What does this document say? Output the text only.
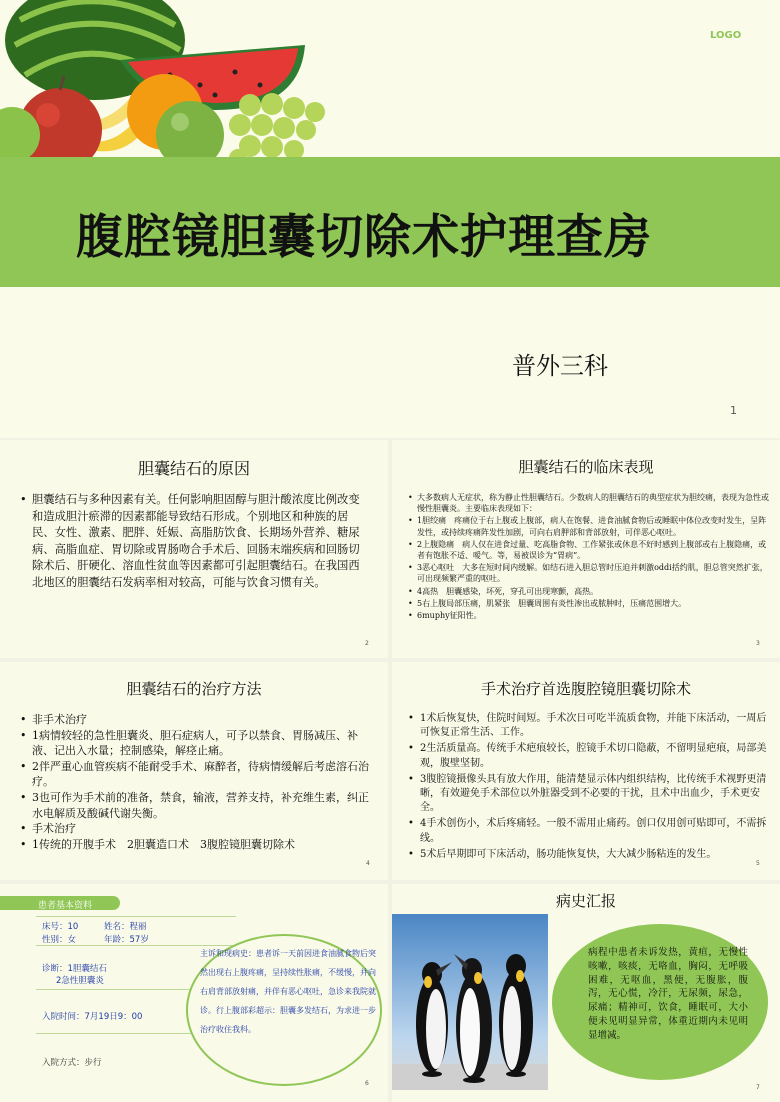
LOGO
腹腔镜胆囊切除术护理查房
普外三科
1
胆囊结石的原因
• 胆囊结石与多种因素有关。任何影响胆固醇与胆汁酸浓度比例改变和造成胆汁瘀滞的因素都能导致结石形成。个别地区和种族的居民、女性、激素、肥胖、妊娠、高脂肪饮食、长期场外营养、糖尿病、高脂血症、胃切除或胃肠吻合手术后、回肠末端疾病和回肠切除术后、肝硬化、溶血性贫血等因素都可引起胆囊结石。在我国西北地区的胆囊结石发病率相对较高，可能与饮食习惯有关。
2
胆囊结石的临床表现
• 大多数病人无症状，称为静止性胆囊结石。少数病人的胆囊结石的典型症状为胆绞痛，表现为急性或慢性胆囊炎。主要临床表现如下：
• 1胆绞痛　疼痛位于右上腹或上腹部，病人在饱餐、进食油腻食物后或睡眠中体位改变时发生，呈阵发性，或持续疼痛阵发性加剧，可向右肩胛部和背部放射，可伴恶心呕吐。
• 2上腹隐痛　病人仅在进食过量、吃高脂食物、工作紧张或休息不好时感到上腹部或右上腹隐痛，或者有饱胀不适、嗳气。等，易被误诊为“胃病”。
• 3恶心呕吐　大多在短时间内缓解。如结石进入胆总管时压迫并刺激oddi括约肌，胆总管突然扩张，可出现频繁严重的呕吐。
• 4高热　胆囊感染，坏死，穿孔可出现寒颤，高热。
• 5右上腹局部压痛，肌紧张　胆囊周围有炎性渗出或脓肿时，压痛范围增大。
• 6muphy征阳性。
3
胆囊结石的治疗方法
• 非手术治疗
• 1病情较轻的急性胆囊炎、胆石症病人，可予以禁食、胃肠减压、补液、记出入水量；控制感染，解痉止痛。
• 2伴严重心血管疾病不能耐受手术、麻醉者，待病情缓解后考虑溶石治疗。
• 3也可作为手术前的准备，禁食，输液，营养支持，补充维生素，纠正水电解质及酸碱代谢失衡。
• 手术治疗
• 1传统的开腹手术　2胆囊造口术　3腹腔镜胆囊切除术
4
手术治疗首选腹腔镜胆囊切除术
• 1术后恢复快，住院时间短。手术次日可吃半流质食物，并能下床活动，一周后可恢复正常生活、工作。
• 2生活质量高。传统手术疤痕较长，腔镜手术切口隐蔽，不留明显疤痕，局部美观，腹壁坚韧。
• 3腹腔镜摄像头具有放大作用，能清楚显示体内组织结构，比传统手术视野更清晰，有效避免手术部位以外脏器受到不必要的干扰，且术中出血少，手术更安全。
• 4手术创伤小，术后疼痛轻。一般不需用止痛药。创口仅用创可贴即可，不需拆线。
• 5术后早期即可下床活动，肠功能恢复快，大大减少肠粘连的发生。
5
患者基本资料
床号：10	姓名：程丽
性别：女	年龄：57岁
诊断：1胆囊结石
2急性胆囊炎
入院时间：7月19日9：00
入院方式：步行
主诉和现病史：患者诉一天前因进食油腻食物后突然出现右上腹疼痛，呈持续性胀痛，不缓慢，并向右肩背部放射痛，并伴有恶心呕吐，急诊来我院就诊。行上腹部彩超示：胆囊多发结石，为求进一步治疗收住我科。
6
病史汇报
病程中患者未诉发热，黄疸，无慢性咳嗽，咳痰，无咯血，胸闷，无呼吸困难，无呕血，黑便，无腹胀，腹泻，无心慌，冷汗，无尿频，尿急，尿痛；精神可，饮食，睡眠可，大小便未见明显异常，体重近期内未见明显增减。
7
